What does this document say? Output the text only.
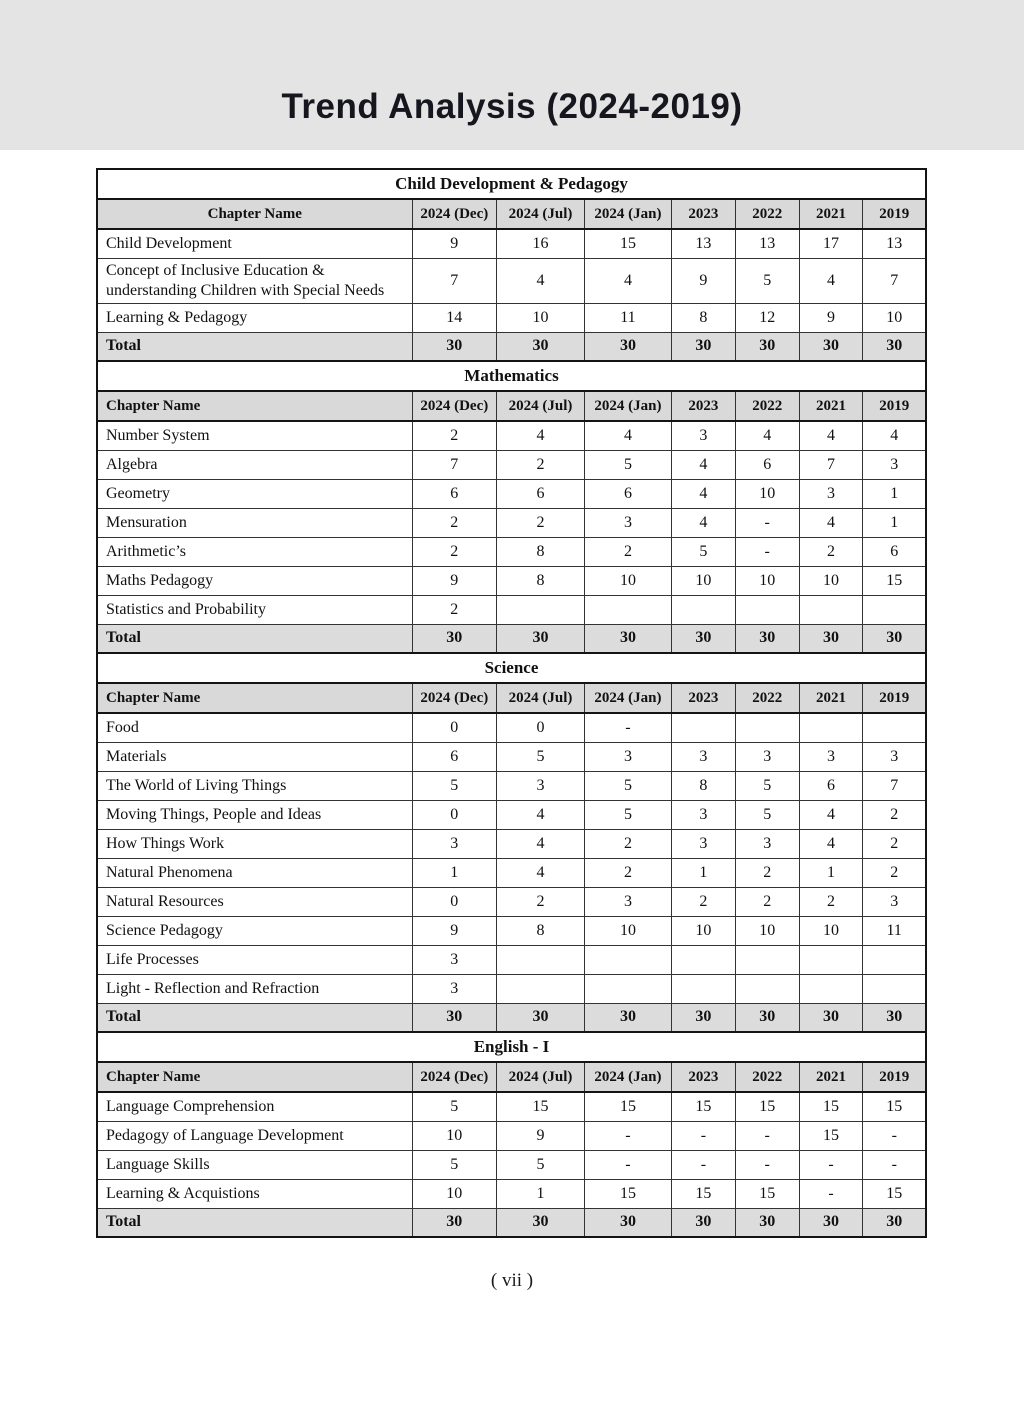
Trend Analysis (2024-2019)
Child Development & Pedagogy							
Chapter Name	2024 (Dec)	2024 (Jul)	2024 (Jan)	2023	2022	2021	2019
Child Development	9	16	15	13	13	17	13
Concept of Inclusive Education & understanding Children with Special Needs	7	4	4	9	5	4	7
Learning & Pedagogy	14	10	11	8	12	9	10
Total	30	30	30	30	30	30	30
Mathematics							
Chapter Name	2024 (Dec)	2024 (Jul)	2024 (Jan)	2023	2022	2021	2019
Number System	2	4	4	3	4	4	4
Algebra	7	2	5	4	6	7	3
Geometry	6	6	6	4	10	3	1
Mensuration	2	2	3	4	-	4	1
Arithmetic’s	2	8	2	5	-	2	6
Maths Pedagogy	9	8	10	10	10	10	15
Statistics and Probability	2						
Total	30	30	30	30	30	30	30
Science							
Chapter Name	2024 (Dec)	2024 (Jul)	2024 (Jan)	2023	2022	2021	2019
Food	0	0	-				
Materials	6	5	3	3	3	3	3
The World of Living Things	5	3	5	8	5	6	7
Moving Things, People and Ideas	0	4	5	3	5	4	2
How Things Work	3	4	2	3	3	4	2
Natural Phenomena	1	4	2	1	2	1	2
Natural Resources	0	2	3	2	2	2	3
Science Pedagogy	9	8	10	10	10	10	11
Life Processes	3						
Light - Reflection and Refraction	3						
Total	30	30	30	30	30	30	30
English - I							
Chapter Name	2024 (Dec)	2024 (Jul)	2024 (Jan)	2023	2022	2021	2019
Language Comprehension	5	15	15	15	15	15	15
Pedagogy of Language Development	10	9	-	-	-	15	-
Language Skills	5	5	-	-	-	-	-
Learning & Acquistions	10	1	15	15	15	-	15
Total	30	30	30	30	30	30	30
( vii )
